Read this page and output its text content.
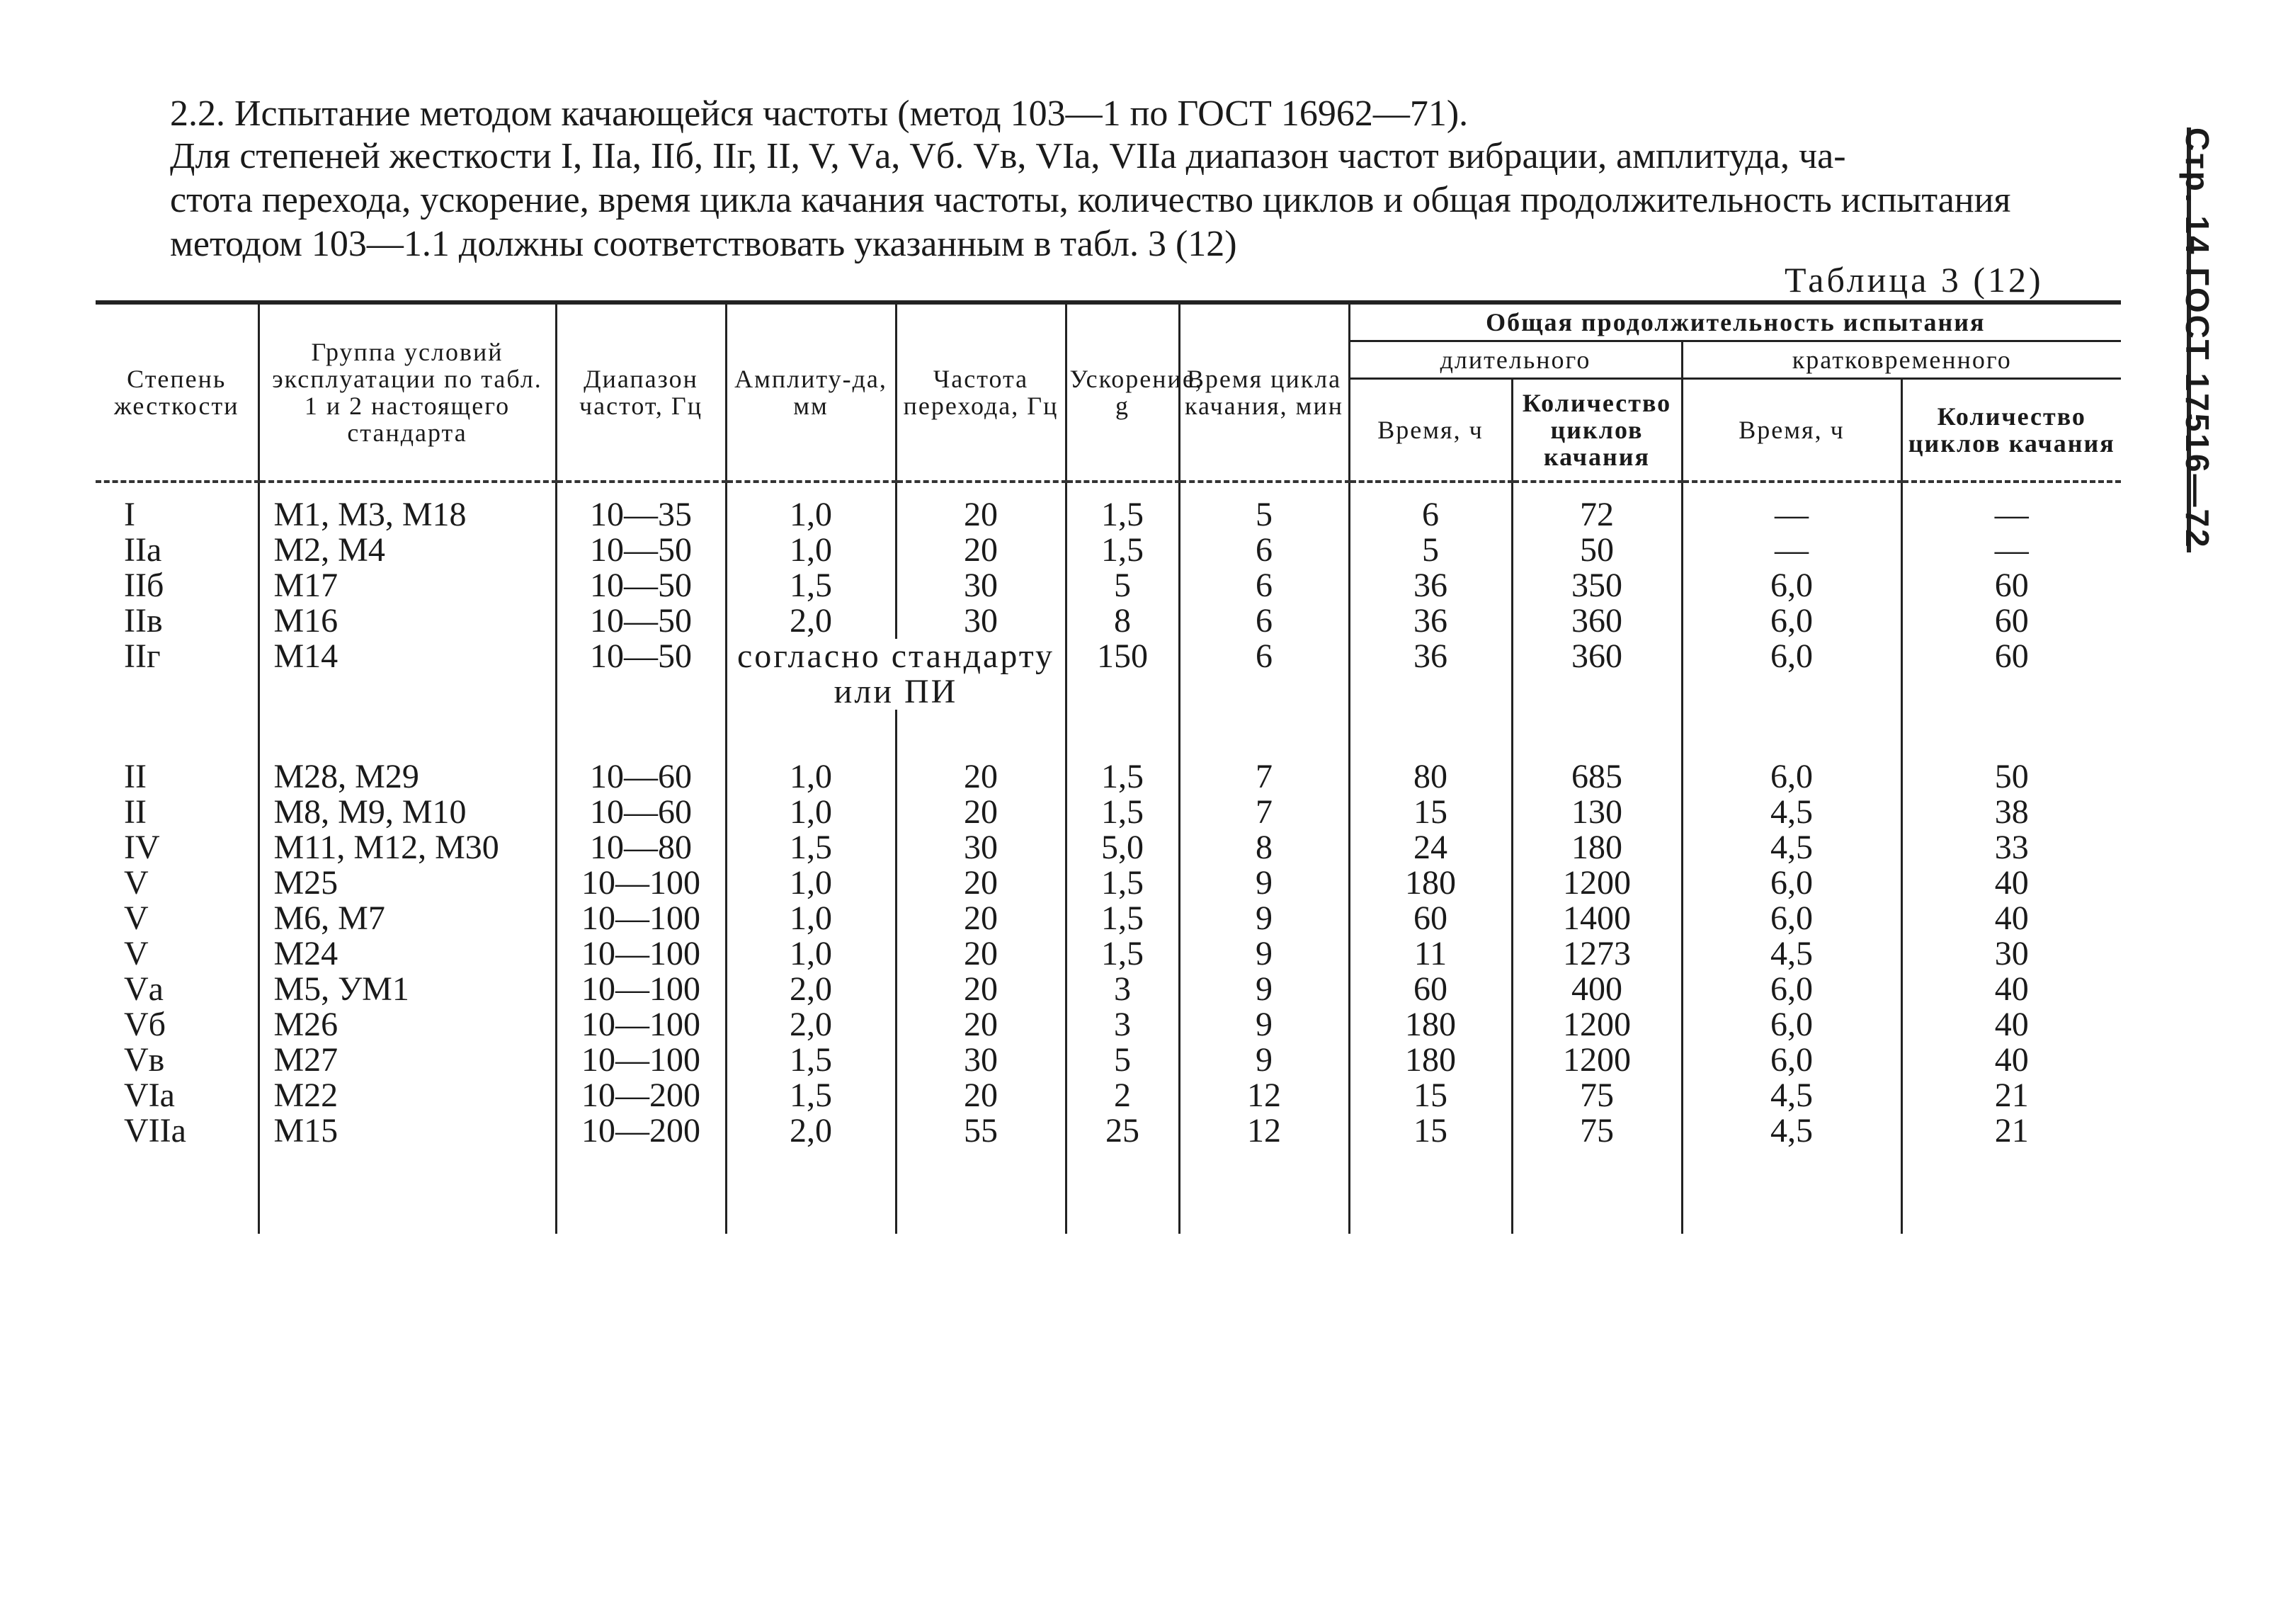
2.2. Испытание методом качающейся частоты (метод 103—1 по ГОСТ 16962—71).

Для степеней жесткости I, IIа, IIб, IIг, II, V, Vа, Vб. Vв, VIа, VIIа диапазон частот вибрации, амплитуда, ча-
стота перехода, ускорение, время цикла качания частоты, количество циклов и общая продолжительность испытания
методом 103—1.1 должны соответствовать указанным в табл. 3 (12)
Таблица 3 (12)	Стр. 14 ГОСТ 17516—72
Степень жесткости	Группа условий эксплуатации по табл. 1 и 2 настоящего стандарта	Диапазон частот, Гц	Амплиту-да, мм	Частота перехода, Гц	Ускорение, g	Время цикла качания, мин	Общая продолжительность испытания			
							длительного		кратковременного	
							Время, ч	Количество циклов качания	Время, ч	Количество циклов качания
I	М1, М3, М18	10—35	1,0	20	1,5	5	6	72	—	—
IIа	М2, М4	10—50	1,0	20	1,5	6	5	50	—	—
IIб	М17	10—50	1,5	30	5	6	36	350	6,0	60
IIв	М16	10—50	2,0	30	8	6	36	360	6,0	60
IIг	М14	10—50	согласно стандарту или ПИ		150	6	36	360	6,0	60

II	М28, М29	10—60	1,0	20	1,5	7	80	685	6,0	50
II	М8, М9, М10	10—60	1,0	20	1,5	7	15	130	4,5	38
IV	М11, М12, М30	10—80	1,5	30	5,0	8	24	180	4,5	33
V	М25	10—100	1,0	20	1,5	9	180	1200	6,0	40
V	М6, М7	10—100	1,0	20	1,5	9	60	1400	6,0	40
V	М24	10—100	1,0	20	1,5	9	11	1273	4,5	30
Vа	М5, УМ1	10—100	2,0	20	3	9	60	400	6,0	40
Vб	М26	10—100	2,0	20	3	9	180	1200	6,0	40
Vв	М27	10—100	1,5	30	5	9	180	1200	6,0	40
VIа	М22	10—200	1,5	20	2	12	15	75	4,5	21
VIIа	М15	10—200	2,0	55	25	12	15	75	4,5	21
